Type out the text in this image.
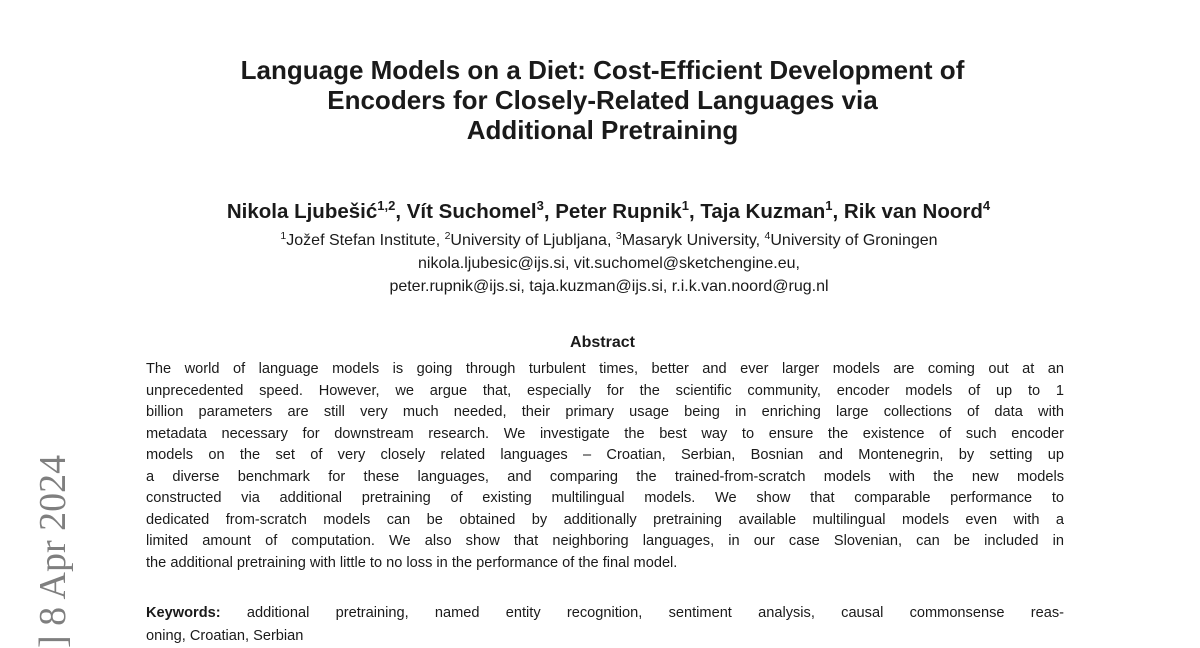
Language Models on a Diet: Cost-Efficient Development of
Encoders for Closely-Related Languages via
Additional Pretraining
Nikola Ljubešić$^{1,2}$, Vít Suchomel$^3$, Peter Rupnik$^1$, Taja Kuzman$^1$, Rik van Noord$^4$
$^1$Jožef Stefan Institute, $^2$University of Ljubljana, $^3$Masaryk University, $^4$University of Groningen
nikola.ljubesic@ijs.si, vit.suchomel@sketchengine.eu,
peter.rupnik@ijs.si, taja.kuzman@ijs.si, r.i.k.van.noord@rug.nl
Abstract
The world of language models is going through turbulent times, better and ever larger models are coming out at an
unprecedented speed. However, we argue that, especially for the scientific community, encoder models of up to 1
billion parameters are still very much needed, their primary usage being in enriching large collections of data with
metadata necessary for downstream research. We investigate the best way to ensure the existence of such encoder
models on the set of very closely related languages – Croatian, Serbian, Bosnian and Montenegrin, by setting up
a diverse benchmark for these languages, and comparing the trained-from-scratch models with the new models
constructed via additional pretraining of existing multilingual models. We show that comparable performance to
dedicated from-scratch models can be obtained by additionally pretraining available multilingual models even with a
limited amount of computation. We also show that neighboring languages, in our case Slovenian, can be included in
the additional pretraining with little to no loss in the performance of the final model.
Keywords: additional pretraining, named entity recognition, sentiment analysis, causal commonsense reas-
oning, Croatian, Serbian
] 8 Apr 2024
